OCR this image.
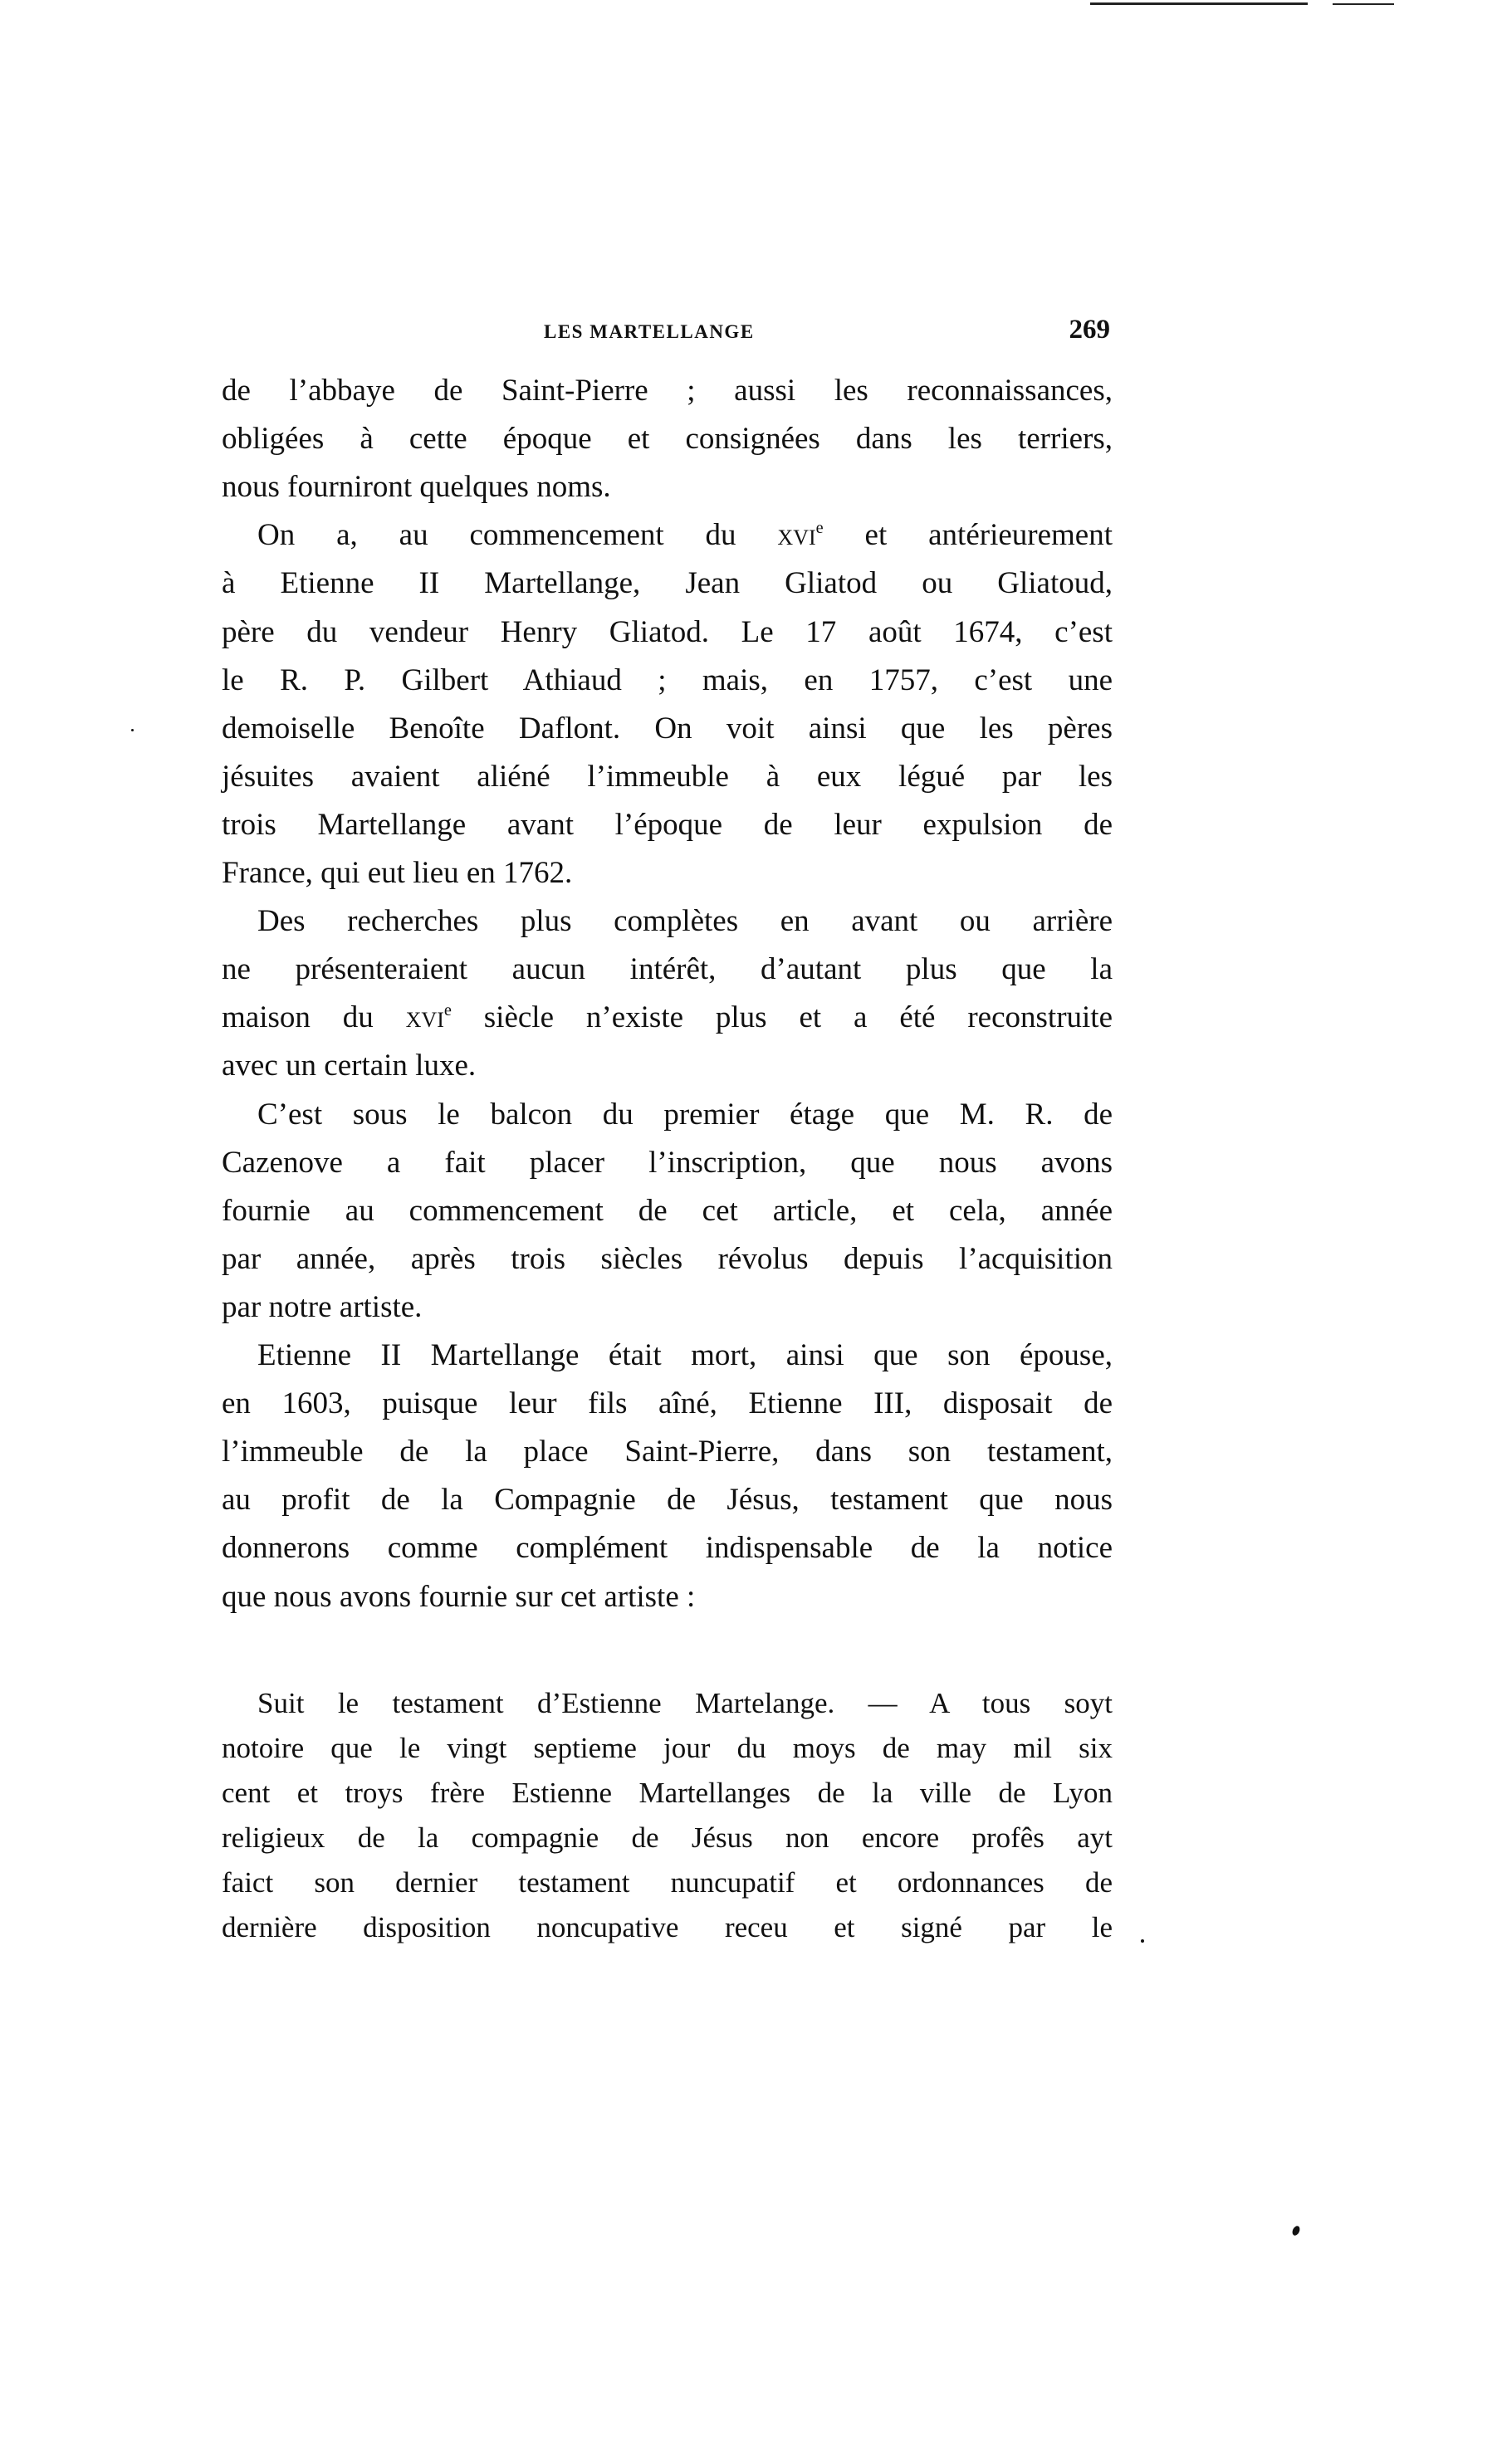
LES MARTELLANGE	269
de l’abbaye de Saint-Pierre ; aussi les reconnaissances,
obligées à cette époque et consignées dans les terriers,
nous fourniront quelques noms.
On a, au commencement du xvi$^e$ et antérieurement
à Etienne II Martellange, Jean Gliatod ou Gliatoud,
père du vendeur Henry Gliatod. Le 17 août 1674, c’est
le R. P. Gilbert Athiaud ; mais, en 1757, c’est une
demoiselle Benoîte Daflont. On voit ainsi que les pères
jésuites avaient aliéné l’immeuble à eux légué par les
trois Martellange avant l’époque de leur expulsion de
France, qui eut lieu en 1762.
Des recherches plus complètes en avant ou arrière
ne présenteraient aucun intérêt, d’autant plus que la
maison du xvi$^e$ siècle n’existe plus et a été reconstruite
avec un certain luxe.
C’est sous le balcon du premier étage que M. R. de
Cazenove a fait placer l’inscription, que nous avons
fournie au commencement de cet article, et cela, année
par année, après trois siècles révolus depuis l’acquisition
par notre artiste.
Etienne II Martellange était mort, ainsi que son épouse,
en 1603, puisque leur fils aîné, Etienne III, disposait de
l’immeuble de la place Saint-Pierre, dans son testament,
au profit de la Compagnie de Jésus, testament que nous
donnerons comme complément indispensable de la notice
que nous avons fournie sur cet artiste :
Suit le testament d’Estienne Martelange. — A tous soyt
notoire que le vingt septieme jour du moys de may mil six
cent et troys frère Estienne Martellanges de la ville de Lyon
religieux de la compagnie de Jésus non encore profês ayt
faict son dernier testament nuncupatif et ordonnances de
dernière disposition noncupative receu et signé par le
